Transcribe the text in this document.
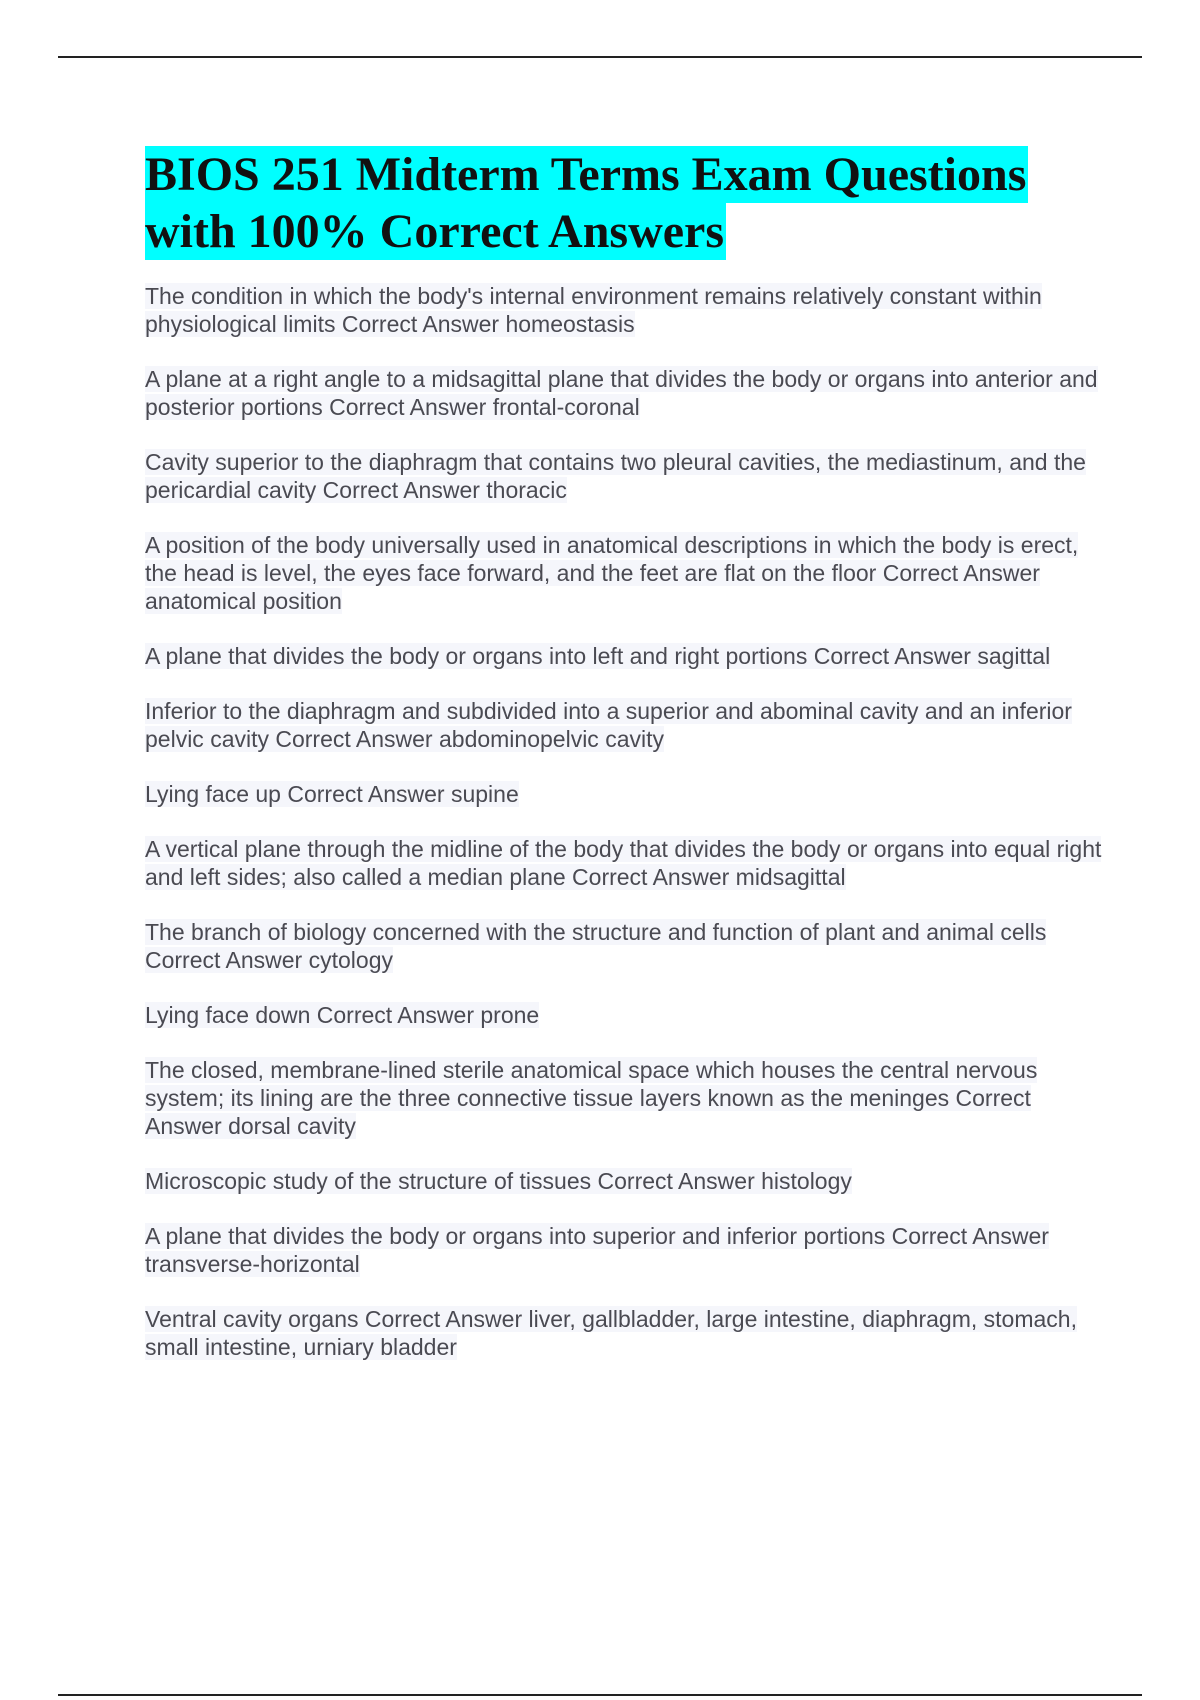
BIOS 251 Midterm Terms Exam Questions
with 100% Correct Answers

The condition in which the body's internal environment remains relatively constant within physiological limits Correct Answer homeostasis

A plane at a right angle to a midsagittal plane that divides the body or organs into anterior and posterior portions Correct Answer frontal-coronal

Cavity superior to the diaphragm that contains two pleural cavities, the mediastinum, and the pericardial cavity Correct Answer thoracic

A position of the body universally used in anatomical descriptions in which the body is erect, the head is level, the eyes face forward, and the feet are flat on the floor Correct Answer anatomical position

A plane that divides the body or organs into left and right portions Correct Answer sagittal

Inferior to the diaphragm and subdivided into a superior and abominal cavity and an inferior pelvic cavity Correct Answer abdominopelvic cavity

Lying face up Correct Answer supine

A vertical plane through the midline of the body that divides the body or organs into equal right and left sides; also called a median plane Correct Answer midsagittal

The branch of biology concerned with the structure and function of plant and animal cells Correct Answer cytology

Lying face down Correct Answer prone

The closed, membrane-lined sterile anatomical space which houses the central nervous system; its lining are the three connective tissue layers known as the meninges Correct Answer dorsal cavity

Microscopic study of the structure of tissues Correct Answer histology

A plane that divides the body or organs into superior and inferior portions Correct Answer transverse-horizontal

Ventral cavity organs Correct Answer liver, gallbladder, large intestine, diaphragm, stomach, small intestine, urniary bladder
